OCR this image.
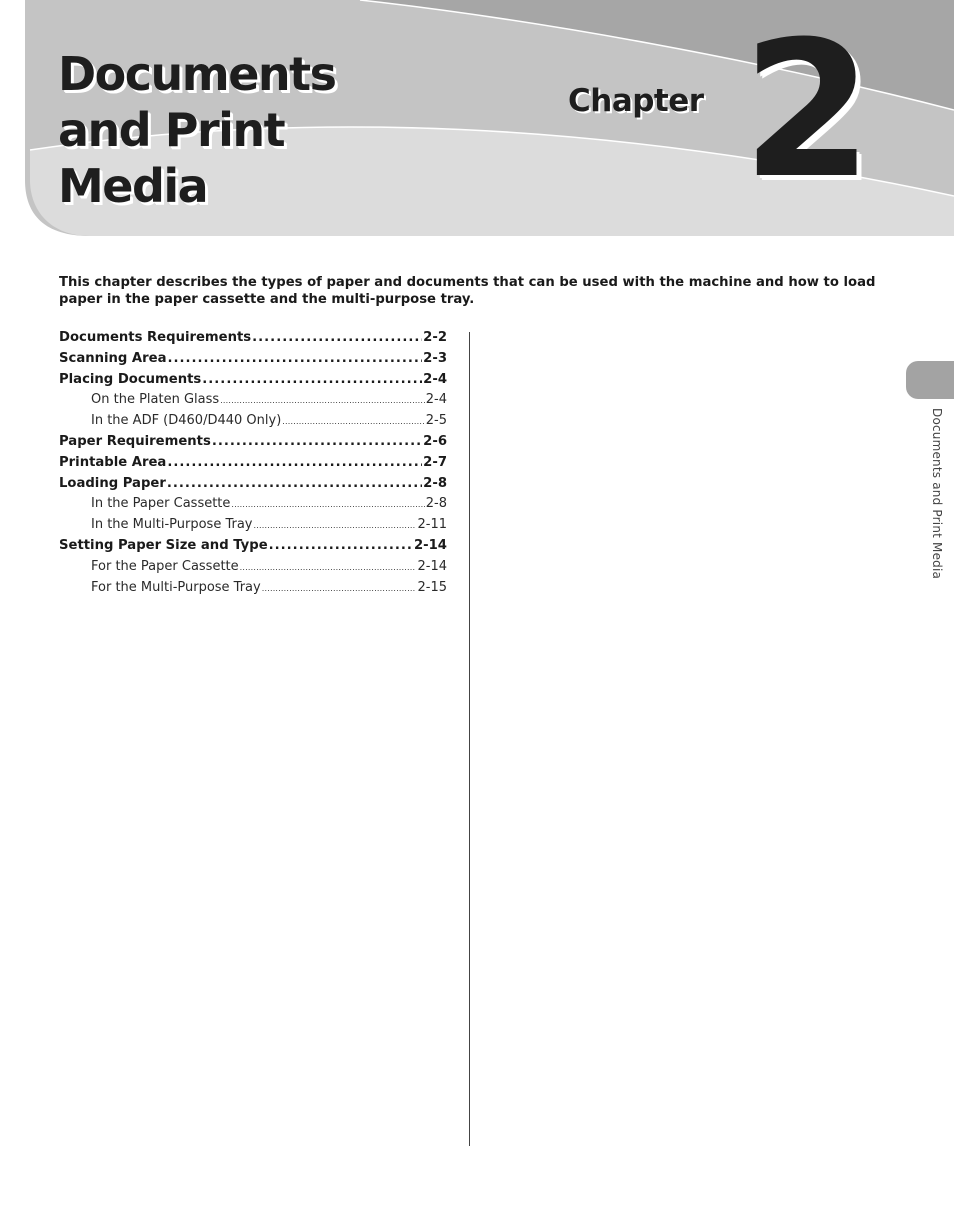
Documents
and Print
Media
Chapter 2

This chapter describes the types of paper and documents that can be used with the machine and how to load paper in the paper cassette and the multi-purpose tray.

Documents Requirements .....	2-2
Scanning Area .....	2-3
Placing Documents .....	2-4
On the Platen Glass .....	2-4
In the ADF (D460/D440 Only) .....	2-5
Paper Requirements .....	2-6
Printable Area .....	2-7
Loading Paper .....	2-8
In the Paper Cassette .....	2-8
In the Multi-Purpose Tray .....	2-11
Setting Paper Size and Type .....	2-14
For the Paper Cassette .....	2-14
For the Multi-Purpose Tray .....	2-15
Documents and Print Media
